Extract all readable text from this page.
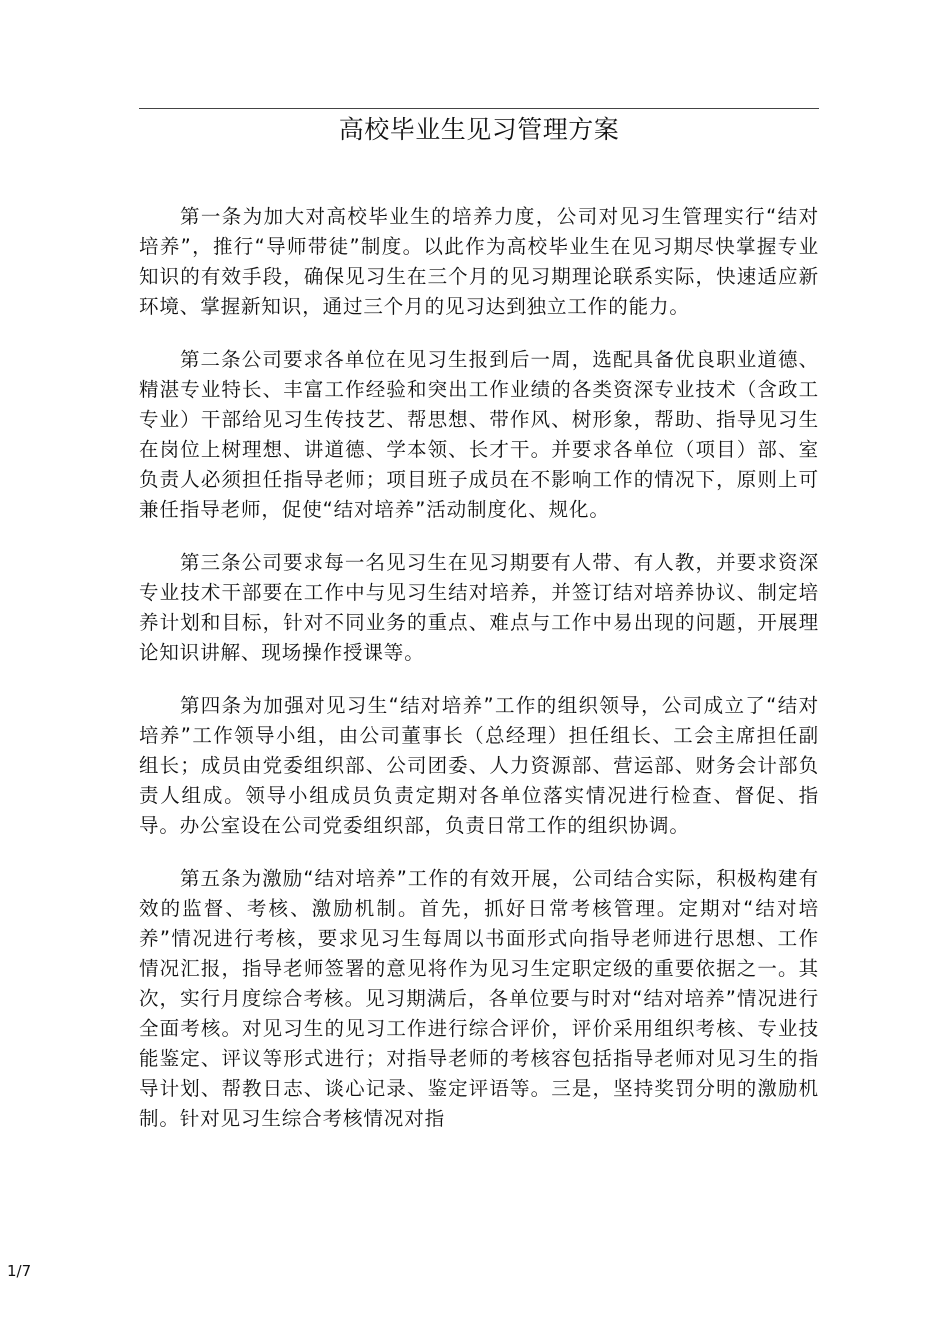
高校毕业生见习管理方案

第一条为加大对高校毕业生的培养力度，公司对见习生管理实行“结对培养”，推行“导师带徒”制度。以此作为高校毕业生在见习期尽快掌握专业知识的有效手段，确保见习生在三个月的见习期理论联系实际，快速适应新环境、掌握新知识，通过三个月的见习达到独立工作的能力。

第二条公司要求各单位在见习生报到后一周，选配具备优良职业道德、精湛专业特长、丰富工作经验和突出工作业绩的各类资深专业技术（含政工专业）干部给见习生传技艺、帮思想、带作风、树形象，帮助、指导见习生在岗位上树理想、讲道德、学本领、长才干。并要求各单位（项目）部、室负责人必须担任指导老师；项目班子成员在不影响工作的情况下，原则上可兼任指导老师，促使“结对培养”活动制度化、规化。

第三条公司要求每一名见习生在见习期要有人带、有人教，并要求资深专业技术干部要在工作中与见习生结对培养，并签订结对培养协议、制定培养计划和目标，针对不同业务的重点、难点与工作中易出现的问题，开展理论知识讲解、现场操作授课等。

第四条为加强对见习生“结对培养”工作的组织领导，公司成立了“结对培养”工作领导小组，由公司董事长（总经理）担任组长、工会主席担任副组长；成员由党委组织部、公司团委、人力资源部、营运部、财务会计部负责人组成。领导小组成员负责定期对各单位落实情况进行检查、督促、指导。办公室设在公司党委组织部，负责日常工作的组织协调。

第五条为激励“结对培养”工作的有效开展，公司结合实际，积极构建有效的监督、考核、激励机制。首先，抓好日常考核管理。定期对“结对培养”情况进行考核，要求见习生每周以书面形式向指导老师进行思想、工作情况汇报，指导老师签署的意见将作为见习生定职定级的重要依据之一。其次，实行月度综合考核。见习期满后，各单位要与时对“结对培养”情况进行全面考核。对见习生的见习工作进行综合评价，评价采用组织考核、专业技能鉴定、评议等形式进行；对指导老师的考核容包括指导老师对见习生的指导计划、帮教日志、谈心记录、鉴定评语等。三是，坚持奖罚分明的激励机制。针对见习生综合考核情况对指

1/7
